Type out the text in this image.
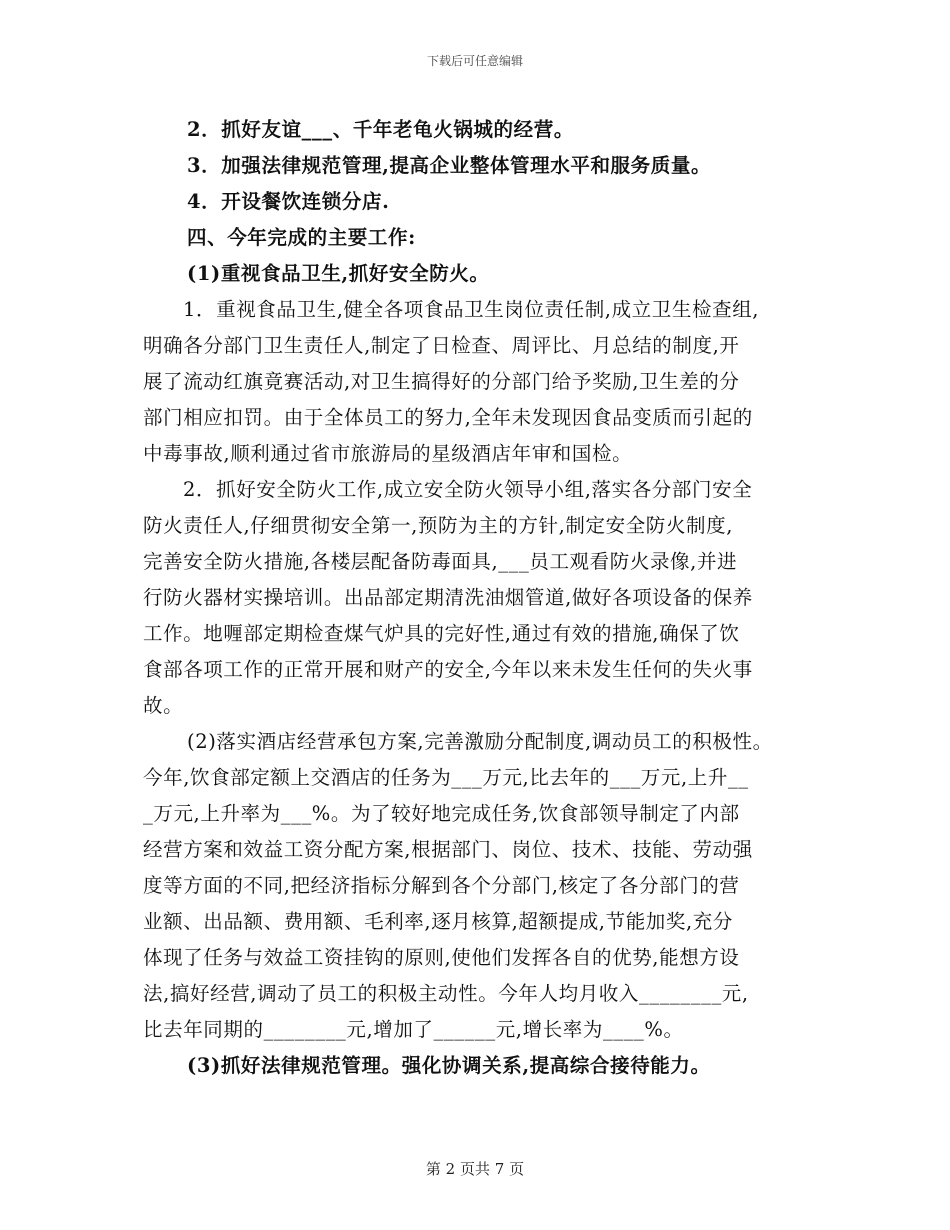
下载后可任意编辑
2．抓好友谊___、千年老龟火锅城的经营。
3．加强法律规范管理,提高企业整体管理水平和服务质量。
4．开设餐饮连锁分店.
四、今年完成的主要工作:
(1)重视食品卫生,抓好安全防火。
1．重视食品卫生,健全各项食品卫生岗位责任制,成立卫生检查组,
明确各分部门卫生责任人,制定了日检查、周评比、月总结的制度,开
展了流动红旗竟赛活动,对卫生搞得好的分部门给予奖励,卫生差的分
部门相应扣罚。由于全体员工的努力,全年未发现因食品变质而引起的
中毒事故,顺利通过省市旅游局的星级酒店年审和国检。
2．抓好安全防火工作,成立安全防火领导小组,落实各分部门安全
防火责任人,仔细贯彻安全第一,预防为主的方针,制定安全防火制度,
完善安全防火措施,各楼层配备防毒面具,___员工观看防火录像,并进
行防火器材实操培训。出品部定期清洗油烟管道,做好各项设备的保养
工作。地喱部定期检查煤气炉具的完好性,通过有效的措施,确保了饮
食部各项工作的正常开展和财产的安全,今年以来未发生任何的失火事
故。
(2)落实酒店经营承包方案,完善激励分配制度,调动员工的积极性。
今年,饮食部定额上交酒店的任务为___万元,比去年的___万元,上升__
_万元,上升率为___%。为了较好地完成任务,饮食部领导制定了内部
经营方案和效益工资分配方案,根据部门、岗位、技术、技能、劳动强
度等方面的不同,把经济指标分解到各个分部门,核定了各分部门的营
业额、出品额、费用额、毛利率,逐月核算,超额提成,节能加奖,充分
体现了任务与效益工资挂钩的原则,使他们发挥各自的优势,能想方设
法,搞好经营,调动了员工的积极主动性。今年人均月收入________元,
比去年同期的________元,增加了______元,增长率为____%。
(3)抓好法律规范管理。强化协调关系,提高综合接待能力。
第 2 页共 7 页
